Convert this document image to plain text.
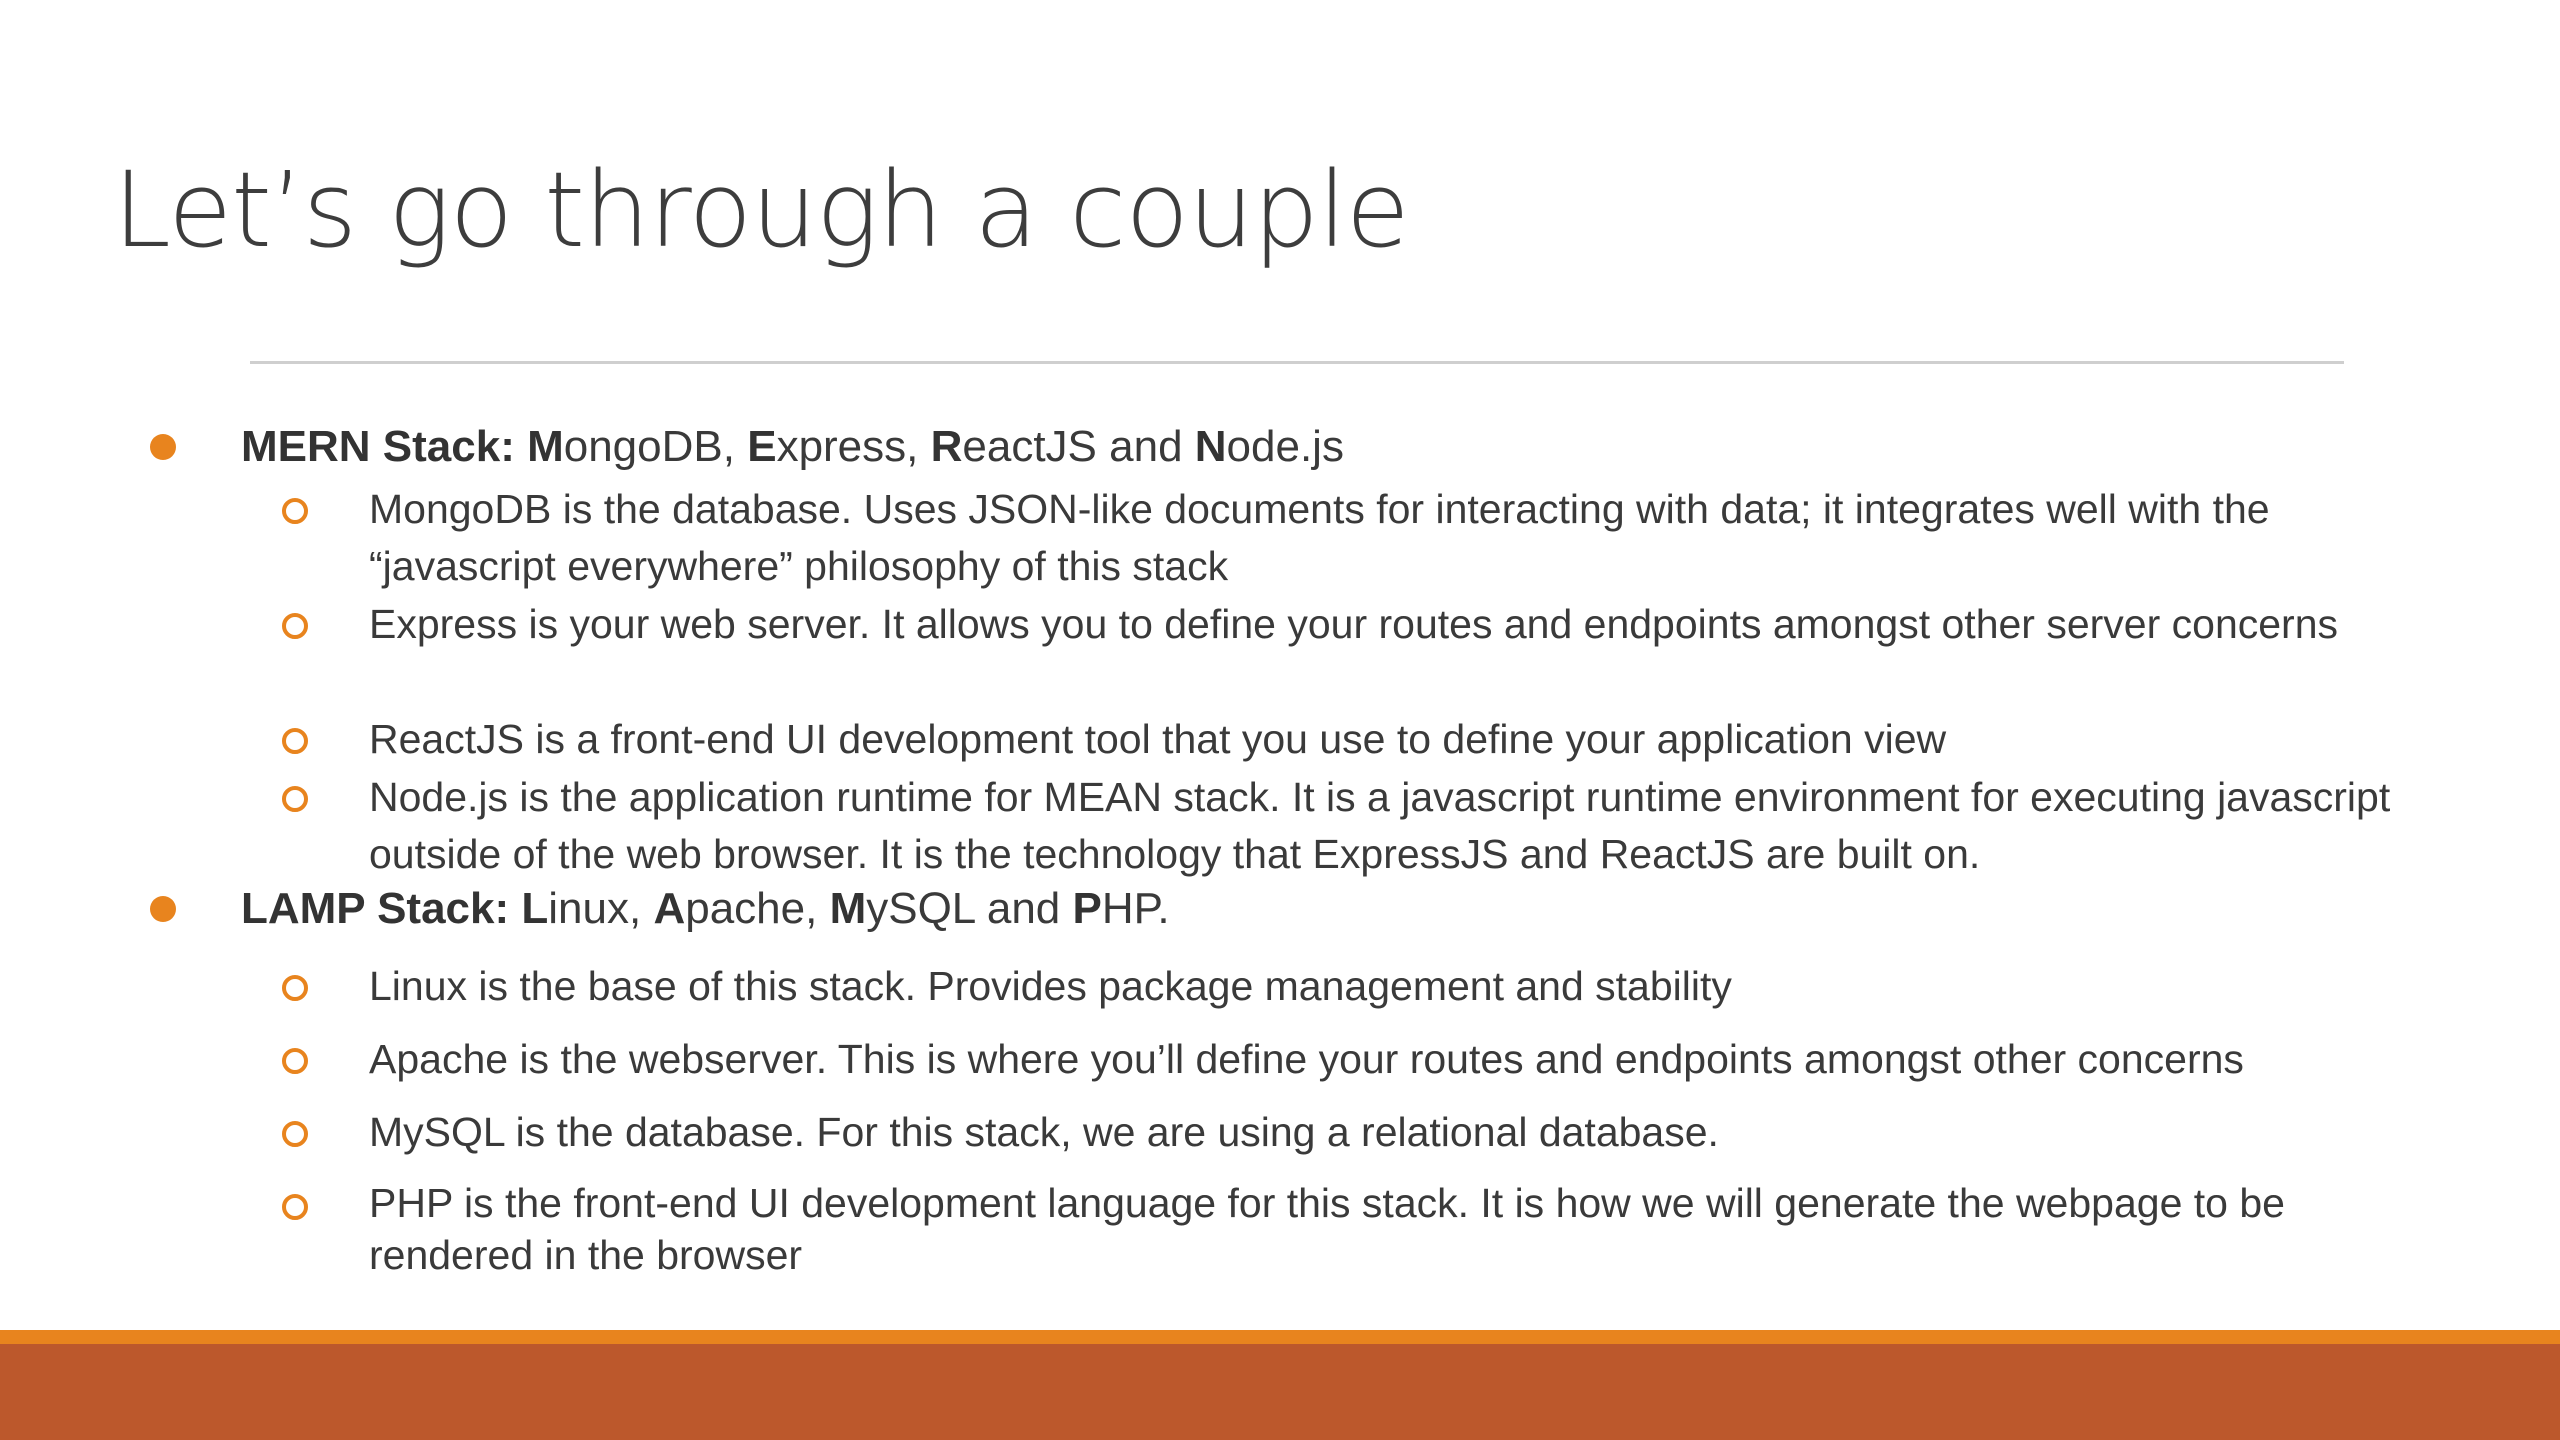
Let’s go through a couple
MERN Stack: MongoDB, Express, ReactJS and Node.js
MongoDB is the database. Uses JSON-like documents for interacting with data; it integrates well with the “javascript everywhere” philosophy of this stack
Express is your web server. It allows you to define your routes and endpoints amongst other server concerns
ReactJS is a front-end UI development tool that you use to define your application view
Node.js is the application runtime for MEAN stack. It is a javascript runtime environment for executing javascript outside of the web browser. It is the technology that ExpressJS and ReactJS are built on.
LAMP Stack: Linux, Apache, MySQL and PHP.
Linux is the base of this stack. Provides package management and stability
Apache is the webserver. This is where you’ll define your routes and endpoints amongst other concerns
MySQL is the database. For this stack, we are using a relational database.
PHP is the front-end UI development language for this stack. It is how we will generate the webpage to be rendered in the browser
